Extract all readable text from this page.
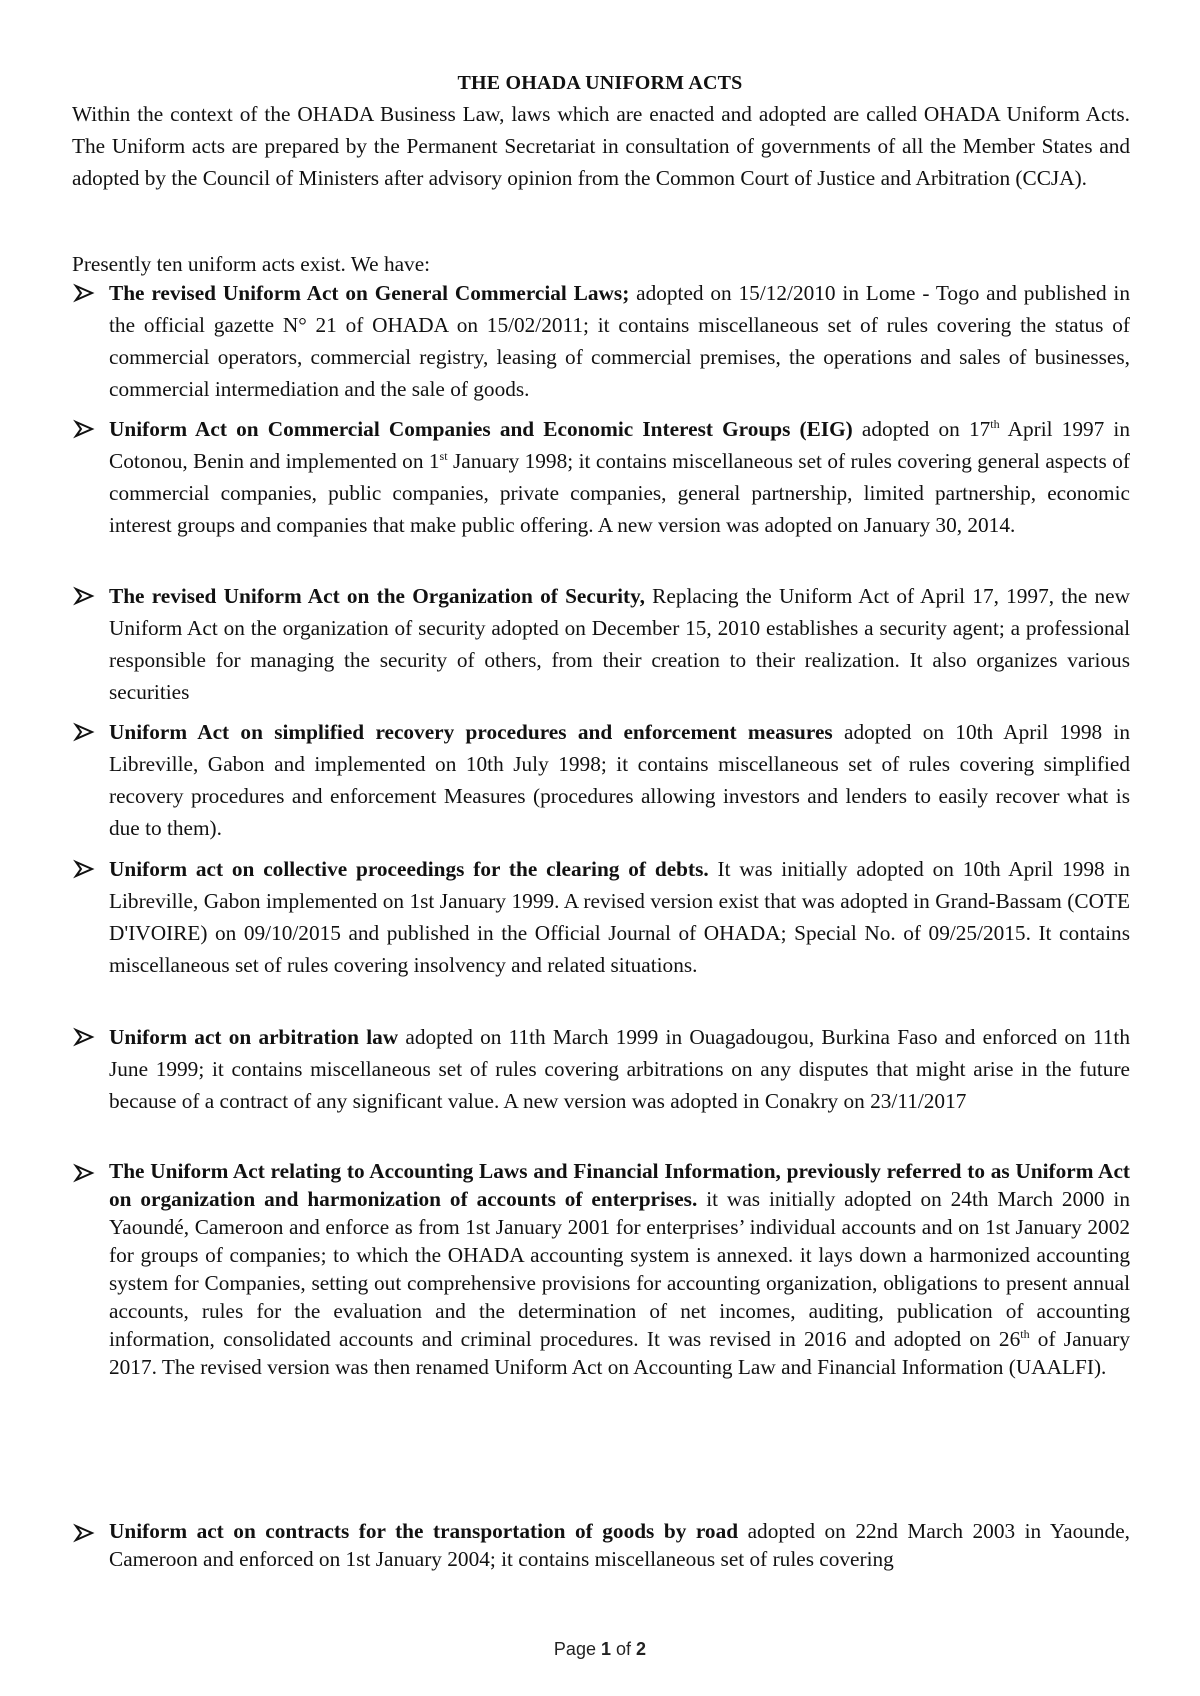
THE OHADA UNIFORM ACTS
Within the context of the OHADA Business Law, laws which are enacted and adopted are called OHADA Uniform Acts. The Uniform acts are prepared by the Permanent Secretariat in consultation of governments of all the Member States and adopted by the Council of Ministers after advisory opinion from the Common Court of Justice and Arbitration (CCJA).
Presently ten uniform acts exist. We have:
The revised Uniform Act on General Commercial Laws; adopted on 15/12/2010 in Lome - Togo and published in the official gazette N° 21 of OHADA on 15/02/2011; it contains miscellaneous set of rules covering the status of commercial operators, commercial registry, leasing of commercial premises, the operations and sales of businesses, commercial intermediation and the sale of goods.
Uniform Act on Commercial Companies and Economic Interest Groups (EIG) adopted on 17th April 1997 in Cotonou, Benin and implemented on 1st January 1998; it contains miscellaneous set of rules covering general aspects of commercial companies, public companies, private companies, general partnership, limited partnership, economic interest groups and companies that make public offering. A new version was adopted on January 30, 2014.
The revised Uniform Act on the Organization of Security, Replacing the Uniform Act of April 17, 1997, the new Uniform Act on the organization of security adopted on December 15, 2010 establishes a security agent; a professional responsible for managing the security of others, from their creation to their realization. It also organizes various securities
Uniform Act on simplified recovery procedures and enforcement measures adopted on 10th April 1998 in Libreville, Gabon and implemented on 10th July 1998; it contains miscellaneous set of rules covering simplified recovery procedures and enforcement Measures (procedures allowing investors and lenders to easily recover what is due to them).
Uniform act on collective proceedings for the clearing of debts. It was initially adopted on 10th April 1998 in Libreville, Gabon implemented on 1st January 1999. A revised version exist that was adopted in Grand-Bassam (COTE D'IVOIRE) on 09/10/2015 and published in the Official Journal of OHADA; Special No. of 09/25/2015. It contains miscellaneous set of rules covering insolvency and related situations.
Uniform act on arbitration law adopted on 11th March 1999 in Ouagadougou, Burkina Faso and enforced on 11th June 1999; it contains miscellaneous set of rules covering arbitrations on any disputes that might arise in the future because of a contract of any significant value. A new version was adopted in Conakry on 23/11/2017
The Uniform Act relating to Accounting Laws and Financial Information, previously referred to as Uniform Act on organization and harmonization of accounts of enterprises. it was initially adopted on 24th March 2000 in Yaoundé, Cameroon and enforce as from 1st January 2001 for enterprises’ individual accounts and on 1st January 2002 for groups of companies; to which the OHADA accounting system is annexed. it lays down a harmonized accounting system for Companies, setting out comprehensive provisions for accounting organization, obligations to present annual accounts, rules for the evaluation and the determination of net incomes, auditing, publication of accounting information, consolidated accounts and criminal procedures. It was revised in 2016 and adopted on 26th of January 2017. The revised version was then renamed Uniform Act on Accounting Law and Financial Information (UAALFI).
Uniform act on contracts for the transportation of goods by road adopted on 22nd March 2003 in Yaounde, Cameroon and enforced on 1st January 2004; it contains miscellaneous set of rules covering
Page 1 of 2
